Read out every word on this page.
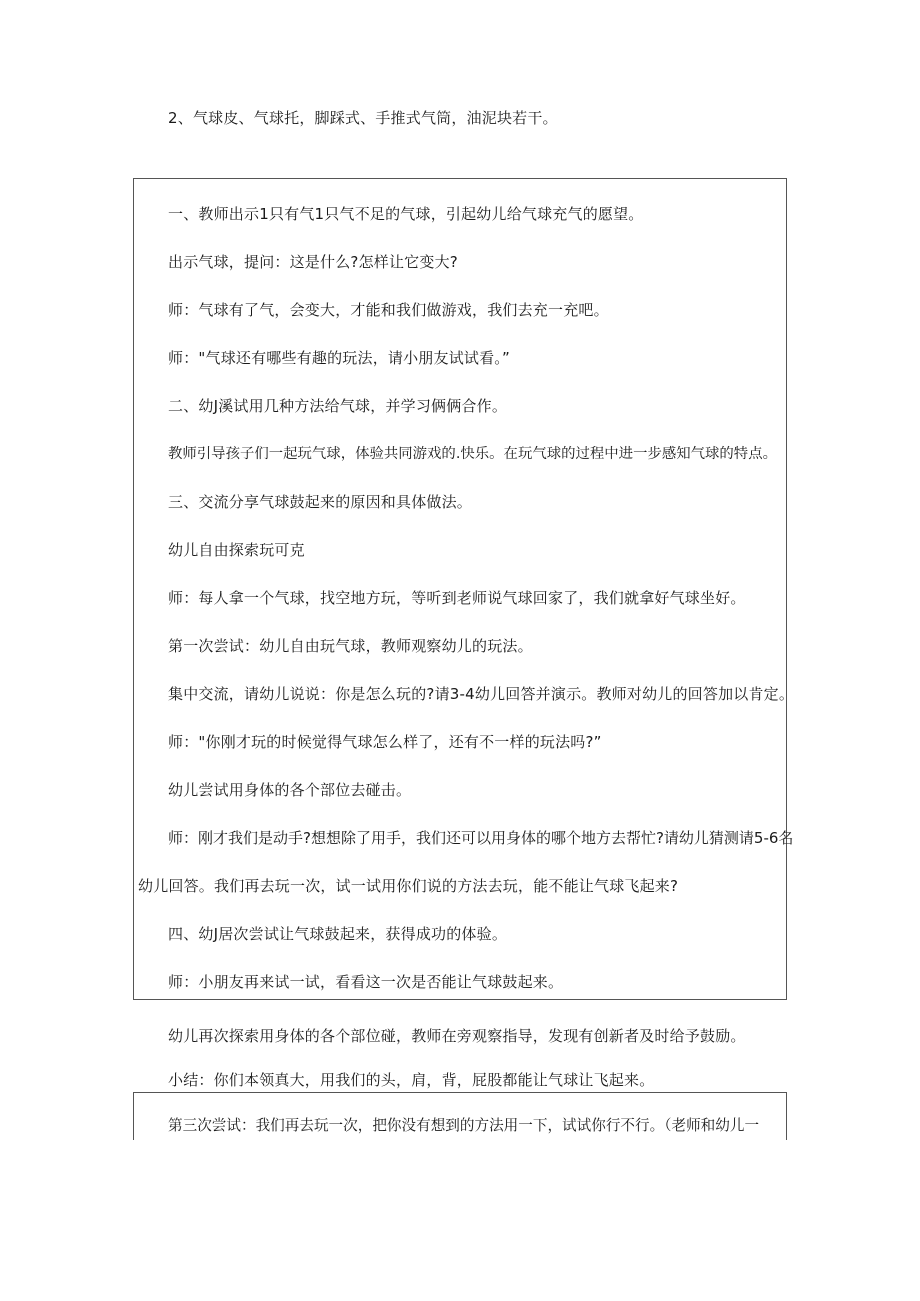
2、气球皮、气球托，脚踩式、手推式气筒，油泥块若干。
一、教师出示1只有气1只气不足的气球，引起幼儿给气球充气的愿望。
出示气球，提问：这是什么?怎样让它变大?
师：气球有了气，会变大，才能和我们做游戏，我们去充一充吧。
师："气球还有哪些有趣的玩法，请小朋友试试看。”
二、幼J溪试用几种方法给气球，并学习俩俩合作。
教师引导孩子们一起玩气球，体验共同游戏的.快乐。在玩气球的过程中进一步感知气球的特点。
三、交流分享气球鼓起来的原因和具体做法。
幼儿自由探索玩可克
师：每人拿一个气球，找空地方玩，等听到老师说气球回家了，我们就拿好气球坐好。
第一次尝试：幼儿自由玩气球，教师观察幼儿的玩法。
集中交流，请幼儿说说：你是怎么玩的?请3-4幼儿回答并演示。教师对幼儿的回答加以肯定。
师："你刚才玩的时候觉得气球怎么样了，还有不一样的玩法吗?”
幼儿尝试用身体的各个部位去碰击。
师：刚才我们是动手?想想除了用手，我们还可以用身体的哪个地方去帮忙?请幼儿猜测请5-6名
幼儿回答。我们再去玩一次，试一试用你们说的方法去玩，能不能让气球飞起来?
四、幼J居次尝试让气球鼓起来，获得成功的体验。
师：小朋友再来试一试，看看这一次是否能让气球鼓起来。
幼儿再次探索用身体的各个部位碰，教师在旁观察指导，发现有创新者及时给予鼓励。
小结：你们本领真大，用我们的头，肩，背，屁股都能让气球让飞起来。
第三次尝试：我们再去玩一次，把你没有想到的方法用一下，试试你行不行。（老师和幼儿一
